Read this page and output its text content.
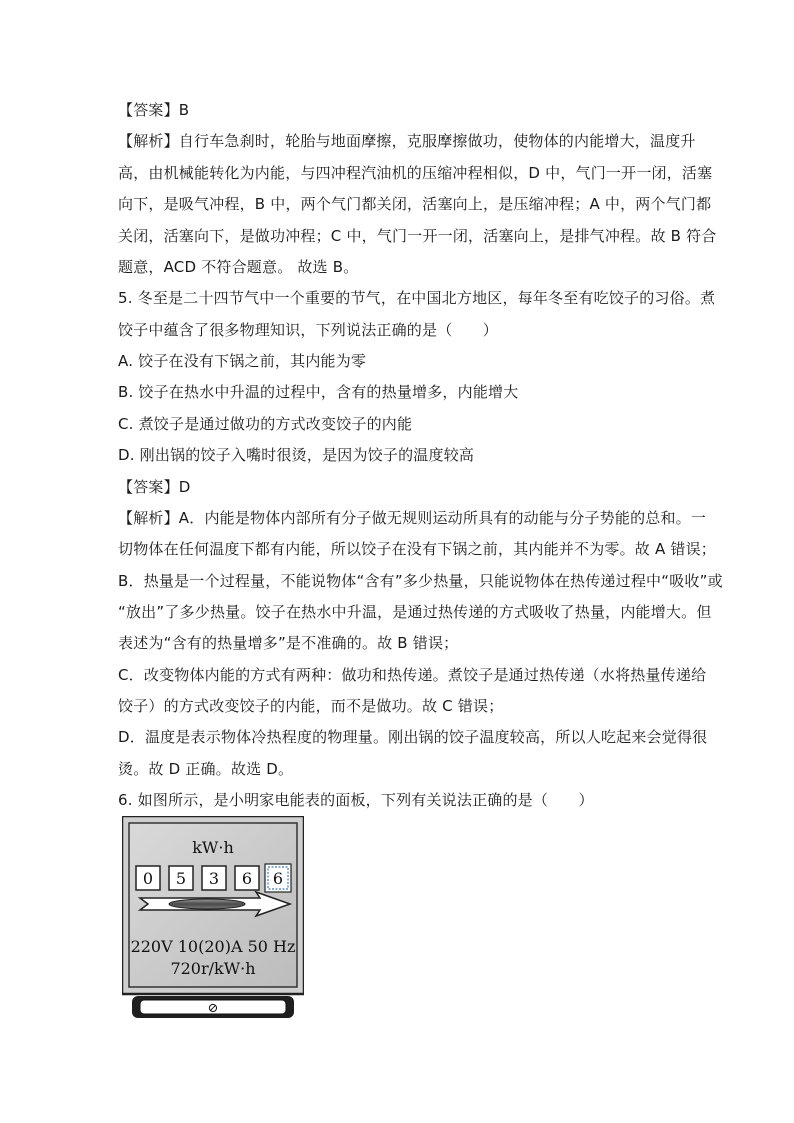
【答案】B
【解析】自行车急刹时，轮胎与地面摩擦，克服摩擦做功，使物体的内能增大，温度升
高，由机械能转化为内能，与四冲程汽油机的压缩冲程相似，D 中，气门一开一闭，活塞
向下，是吸气冲程，B 中，两个气门都关闭，活塞向上，是压缩冲程；A 中，两个气门都
关闭，活塞向下，是做功冲程；C 中，气门一开一闭，活塞向上，是排气冲程。故 B 符合
题意，ACD 不符合题意。 故选 B。
5. 冬至是二十四节气中一个重要的节气，在中国北方地区，每年冬至有吃饺子的习俗。煮
饺子中蕴含了很多物理知识，下列说法正确的是（　　）
A. 饺子在没有下锅之前，其内能为零
B. 饺子在热水中升温的过程中，含有的热量增多，内能增大
C. 煮饺子是通过做功的方式改变饺子的内能
D. 刚出锅的饺子入嘴时很烫，是因为饺子的温度较高
【答案】D
【解析】A．内能是物体内部所有分子做无规则运动所具有的动能与分子势能的总和。一
切物体在任何温度下都有内能，所以饺子在没有下锅之前，其内能并不为零。故 A 错误；
B．热量是一个过程量，不能说物体“含有”多少热量，只能说物体在热传递过程中“吸收”或
“放出”了多少热量。饺子在热水中升温，是通过热传递的方式吸收了热量，内能增大。但
表述为“含有的热量增多”是不准确的。故 B 错误；
C．改变物体内能的方式有两种：做功和热传递。煮饺子是通过热传递（水将热量传递给
饺子）的方式改变饺子的内能，而不是做功。故 C 错误；
D．温度是表示物体冷热程度的物理量。刚出锅的饺子温度较高，所以人吃起来会觉得很
烫。故 D 正确。故选 D。
6. 如图所示，是小明家电能表的面板，下列有关说法正确的是（　　）
kW·h
0 5 3 6 6
220V 10(20)A 50 Hz
720r/kW·h
⊘
